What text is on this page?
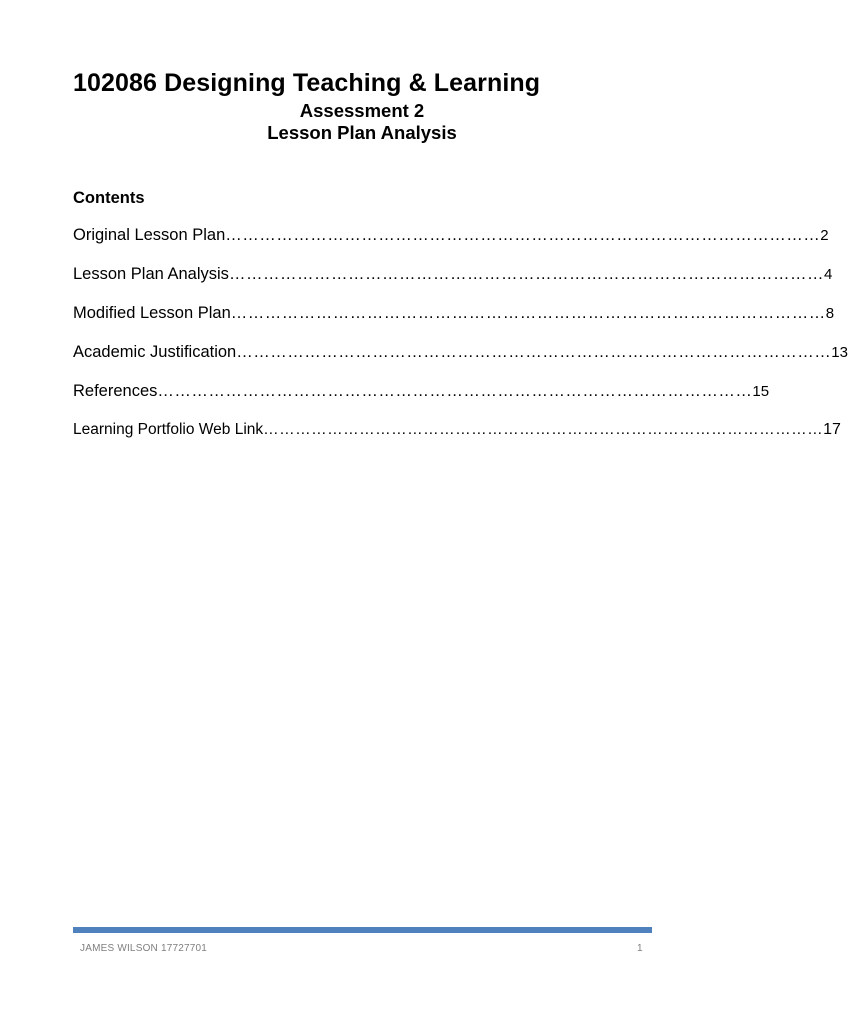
102086 Designing Teaching & Learning
Assessment 2
Lesson Plan Analysis
Contents
Original Lesson Plan …………………………………………………………………………………………… 2
Lesson Plan Analysis …………………………………………………………………………………………… 4
Modified Lesson Plan …………………………………………………………………………………………… 8
Academic Justification …………………………………………………………………………………………… 13
References …………………………………………………………………………………………… 15
Learning Portfolio Web Link …………………………………………………………………………………………… 17
JAMES WILSON 17727701	1
